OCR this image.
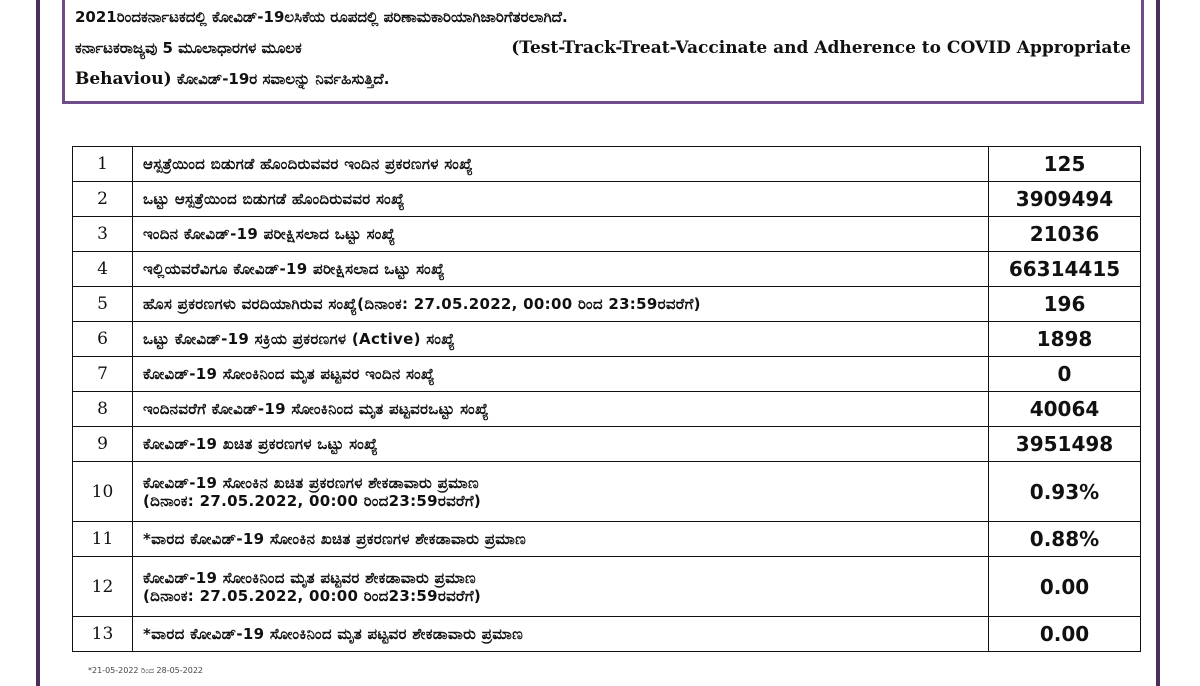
2021ರಿಂದಕರ್ನಾಟಕದಲ್ಲಿ ಕೋವಿಡ್-19ಲಸಿಕೆಯ ರೂಪದಲ್ಲಿ ಪರಿಣಾಮಕಾರಿಯಾಗಿಜಾರಿಗೆತರಲಾಗಿದೆ.
ಕರ್ನಾಟಕರಾಜ್ಯವು 5 ಮೂಲಾಧಾರಗಳ ಮೂಲಕ	(Test-Track-Treat-Vaccinate and Adherence to COVID Appropriate
Behaviou) ಕೋವಿಡ್-19ರ ಸವಾಲನ್ನು ನಿರ್ವಹಿಸುತ್ತಿದೆ.
1	ಆಸ್ಪತ್ರೆಯಿಂದ ಬಿಡುಗಡೆ ಹೊಂದಿರುವವರ ಇಂದಿನ ಪ್ರಕರಣಗಳ ಸಂಖ್ಯೆ	125
2	ಒಟ್ಟು ಆಸ್ಪತ್ರೆಯಿಂದ ಬಿಡುಗಡೆ ಹೊಂದಿರುವವರ ಸಂಖ್ಯೆ	3909494
3	ಇಂದಿನ ಕೋವಿಡ್-19 ಪರೀಕ್ಷಿಸಲಾದ ಒಟ್ಟು ಸಂಖ್ಯೆ	21036
4	ಇಲ್ಲಿಯವರೆವಿಗೂ ಕೋವಿಡ್-19 ಪರೀಕ್ಷಿಸಲಾದ ಒಟ್ಟು ಸಂಖ್ಯೆ	66314415
5	ಹೊಸ ಪ್ರಕರಣಗಳು ವರದಿಯಾಗಿರುವ ಸಂಖ್ಯೆ(ದಿನಾಂಕ: 27.05.2022, 00:00 ರಿಂದ 23:59ರವರೆಗೆ)	196
6	ಒಟ್ಟು ಕೋವಿಡ್-19 ಸಕ್ರಿಯ ಪ್ರಕರಣಗಳ (Active) ಸಂಖ್ಯೆ	1898
7	ಕೋವಿಡ್-19 ಸೋಂಕಿನಿಂದ ಮೃತ ಪಟ್ಟವರ ಇಂದಿನ ಸಂಖ್ಯೆ	0
8	ಇಂದಿನವರೆಗೆ ಕೋವಿಡ್-19 ಸೋಂಕಿನಿಂದ ಮೃತ ಪಟ್ಟವರಒಟ್ಟು ಸಂಖ್ಯೆ	40064
9	ಕೋವಿಡ್-19 ಖಚಿತ ಪ್ರಕರಣಗಳ ಒಟ್ಟು ಸಂಖ್ಯೆ	3951498
10	ಕೋವಿಡ್-19 ಸೋಂಕಿನ ಖಚಿತ ಪ್ರಕರಣಗಳ ಶೇಕಡಾವಾರು ಪ್ರಮಾಣ
(ದಿನಾಂಕ: 27.05.2022, 00:00 ರಿಂದ23:59ರವರೆಗೆ)	0.93%
11	*ವಾರದ ಕೋವಿಡ್-19 ಸೋಂಕಿನ ಖಚಿತ ಪ್ರಕರಣಗಳ ಶೇಕಡಾವಾರು ಪ್ರಮಾಣ	0.88%
12	ಕೋವಿಡ್-19 ಸೋಂಕಿನಿಂದ ಮೃತ ಪಟ್ಟವರ ಶೇಕಡಾವಾರು ಪ್ರಮಾಣ
(ದಿನಾಂಕ: 27.05.2022, 00:00 ರಿಂದ23:59ರವರೆಗೆ)	0.00
13	*ವಾರದ ಕೋವಿಡ್-19 ಸೋಂಕಿನಿಂದ ಮೃತ ಪಟ್ಟವರ ಶೇಕಡಾವಾರು ಪ್ರಮಾಣ	0.00
*21-05-2022 ರಿಂದ 28-05-2022
